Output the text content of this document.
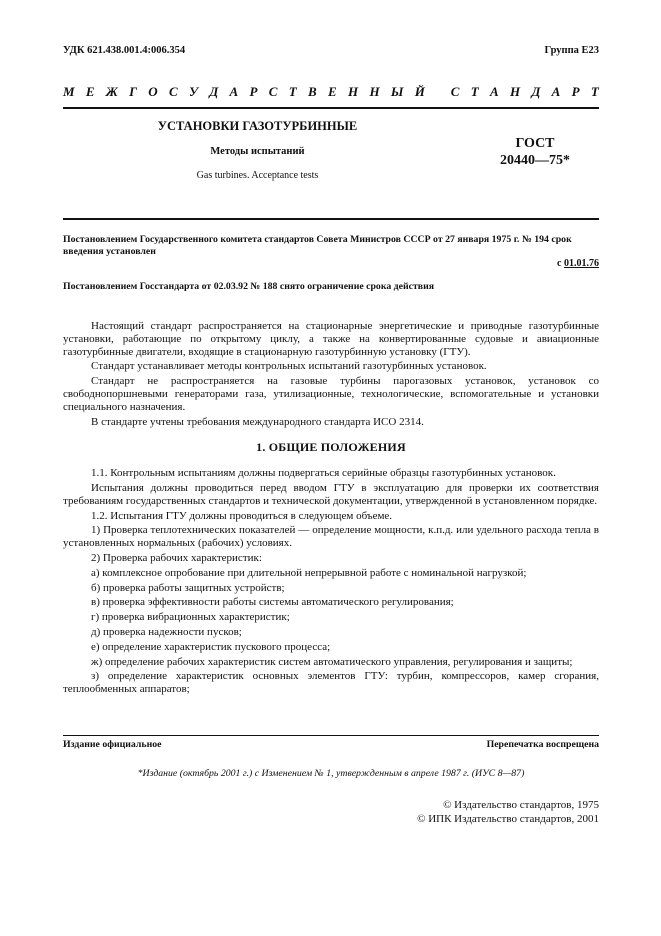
УДК 621.438.001.4:006.354	Группа Е23
М Е Ж Г О С У Д А Р С Т В Е Н Н Ы Й
С Т А Н Д А Р Т
УСТАНОВКИ ГАЗОТУРБИННЫЕ
Методы испытаний
Gas turbines. Acceptance tests
ГОСТ
20440—75*
Постановлением Государственного комитета стандартов Совета Министров СССР от 27 января 1975 г. № 194 срок введения установлен
с 01.01.76
Постановлением Госстандарта от 02.03.92 № 188 снято ограничение срока действия

Настоящий стандарт распространяется на стационарные энергетические и приводные газотурбинные установки, работающие по открытому циклу, а также на конвертированные судовые и авиационные газотурбинные двигатели, входящие в стационарную газотурбинную установку (ГТУ).

Стандарт устанавливает методы контрольных испытаний газотурбинных установок.

Стандарт не распространяется на газовые турбины парогазовых установок, установок со свободнопоршневыми генераторами газа, утилизационные, технологические, вспомогательные и установки специального назначения.

В стандарте учтены требования международного стандарта ИСО 2314.

1. ОБЩИЕ ПОЛОЖЕНИЯ

1.1. Контрольным испытаниям должны подвергаться серийные образцы газотурбинных установок.

Испытания должны проводиться перед вводом ГТУ в эксплуатацию для проверки их соответствия требованиям государственных стандартов и технической документации, утвержденной в установленном порядке.

1.2. Испытания ГТУ должны проводиться в следующем объеме.

1) Проверка теплотехнических показателей — определение мощности, к.п.д. или удельного расхода тепла в установленных нормальных (рабочих) условиях.

2) Проверка рабочих характеристик:

а) комплексное опробование при длительной непрерывной работе с номинальной нагрузкой;

б) проверка работы защитных устройств;

в) проверка эффективности работы системы автоматического регулирования;

г) проверка вибрационных характеристик;

д) проверка надежности пусков;

е) определение характеристик пускового процесса;

ж) определение рабочих характеристик систем автоматического управления, регулирования и защиты;

з) определение характеристик основных элементов ГТУ: турбин, компрессоров, камер сгорания, теплообменных аппаратов;

Издание официальное	Перепечатка воспрещена
*Издание (октябрь 2001 г.) с Изменением № 1, утвержденным в апреле 1987 г. (ИУС 8—87)
© Издательство стандартов, 1975
© ИПК Издательство стандартов, 2001
